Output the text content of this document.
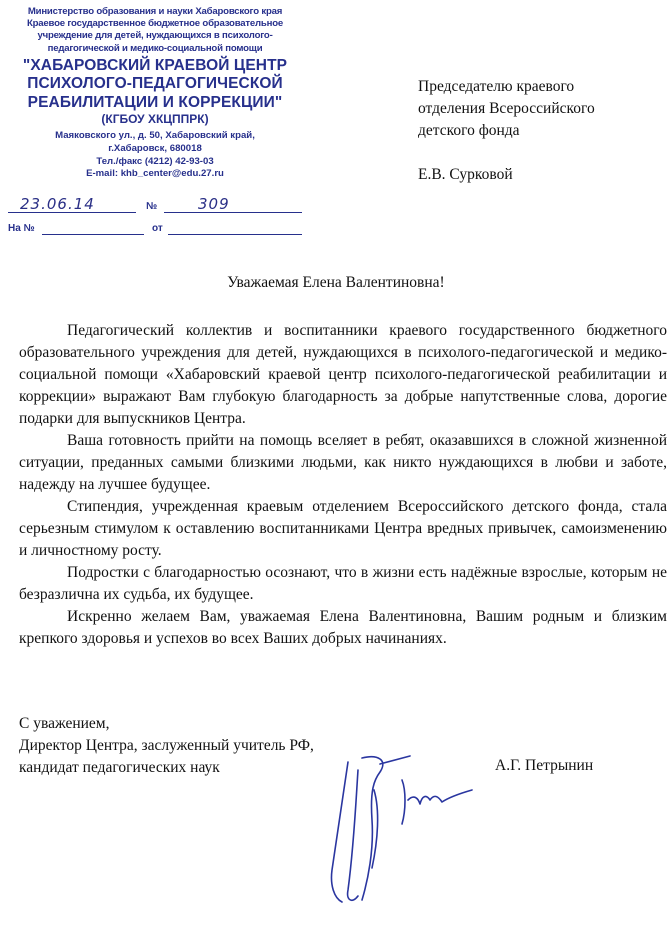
Министерство образования и науки Хабаровского края
Краевое государственное бюджетное образовательное
учреждение для детей, нуждающихся в психолого-
педагогической и медико-социальной помощи
"ХАБАРОВСКИЙ КРАЕВОЙ ЦЕНТР
ПСИХОЛОГО-ПЕДАГОГИЧЕСКОЙ
РЕАБИЛИТАЦИИ И КОРРЕКЦИИ"
(КГБОУ ХКЦППРК)
Маяковского ул., д. 50, Хабаровский край,
г.Хабаровск, 680018
Тел./факс (4212) 42-93-03
E-mail: khb_center@edu.27.ru
23.06.14	№	309
На №	от
Председателю краевого
отделения Всероссийского
детского фонда
Е.В. Сурковой
Уважаемая Елена Валентиновна!

Педагогический коллектив и воспитанники краевого государственного бюджетного образовательного учреждения для детей, нуждающихся в психолого-педагогической и медико-социальной помощи «Хабаровский краевой центр психолого-педагогической реабилитации и коррекции» выражают Вам глубокую благодарность за добрые напутственные слова, дорогие подарки для выпускников Центра.

Ваша готовность прийти на помощь вселяет в ребят, оказавшихся в сложной жизненной ситуации, преданных самыми близкими людьми, как никто нуждающихся в любви и заботе, надежду на лучшее будущее.

Стипендия, учрежденная краевым отделением Всероссийского детского фонда, стала серьезным стимулом к оставлению воспитанниками Центра вредных привычек, самоизменению и личностному росту.

Подростки с благодарностью осознают, что в жизни есть надёжные взрослые, которым не безразлична их судьба, их будущее.

Искренно желаем Вам, уважаемая Елена Валентиновна, Вашим родным и близким крепкого здоровья и успехов во всех Ваших добрых начинаниях.

С уважением,
Директор Центра, заслуженный учитель РФ,
кандидат педагогических наук	А.Г. Петрынин
